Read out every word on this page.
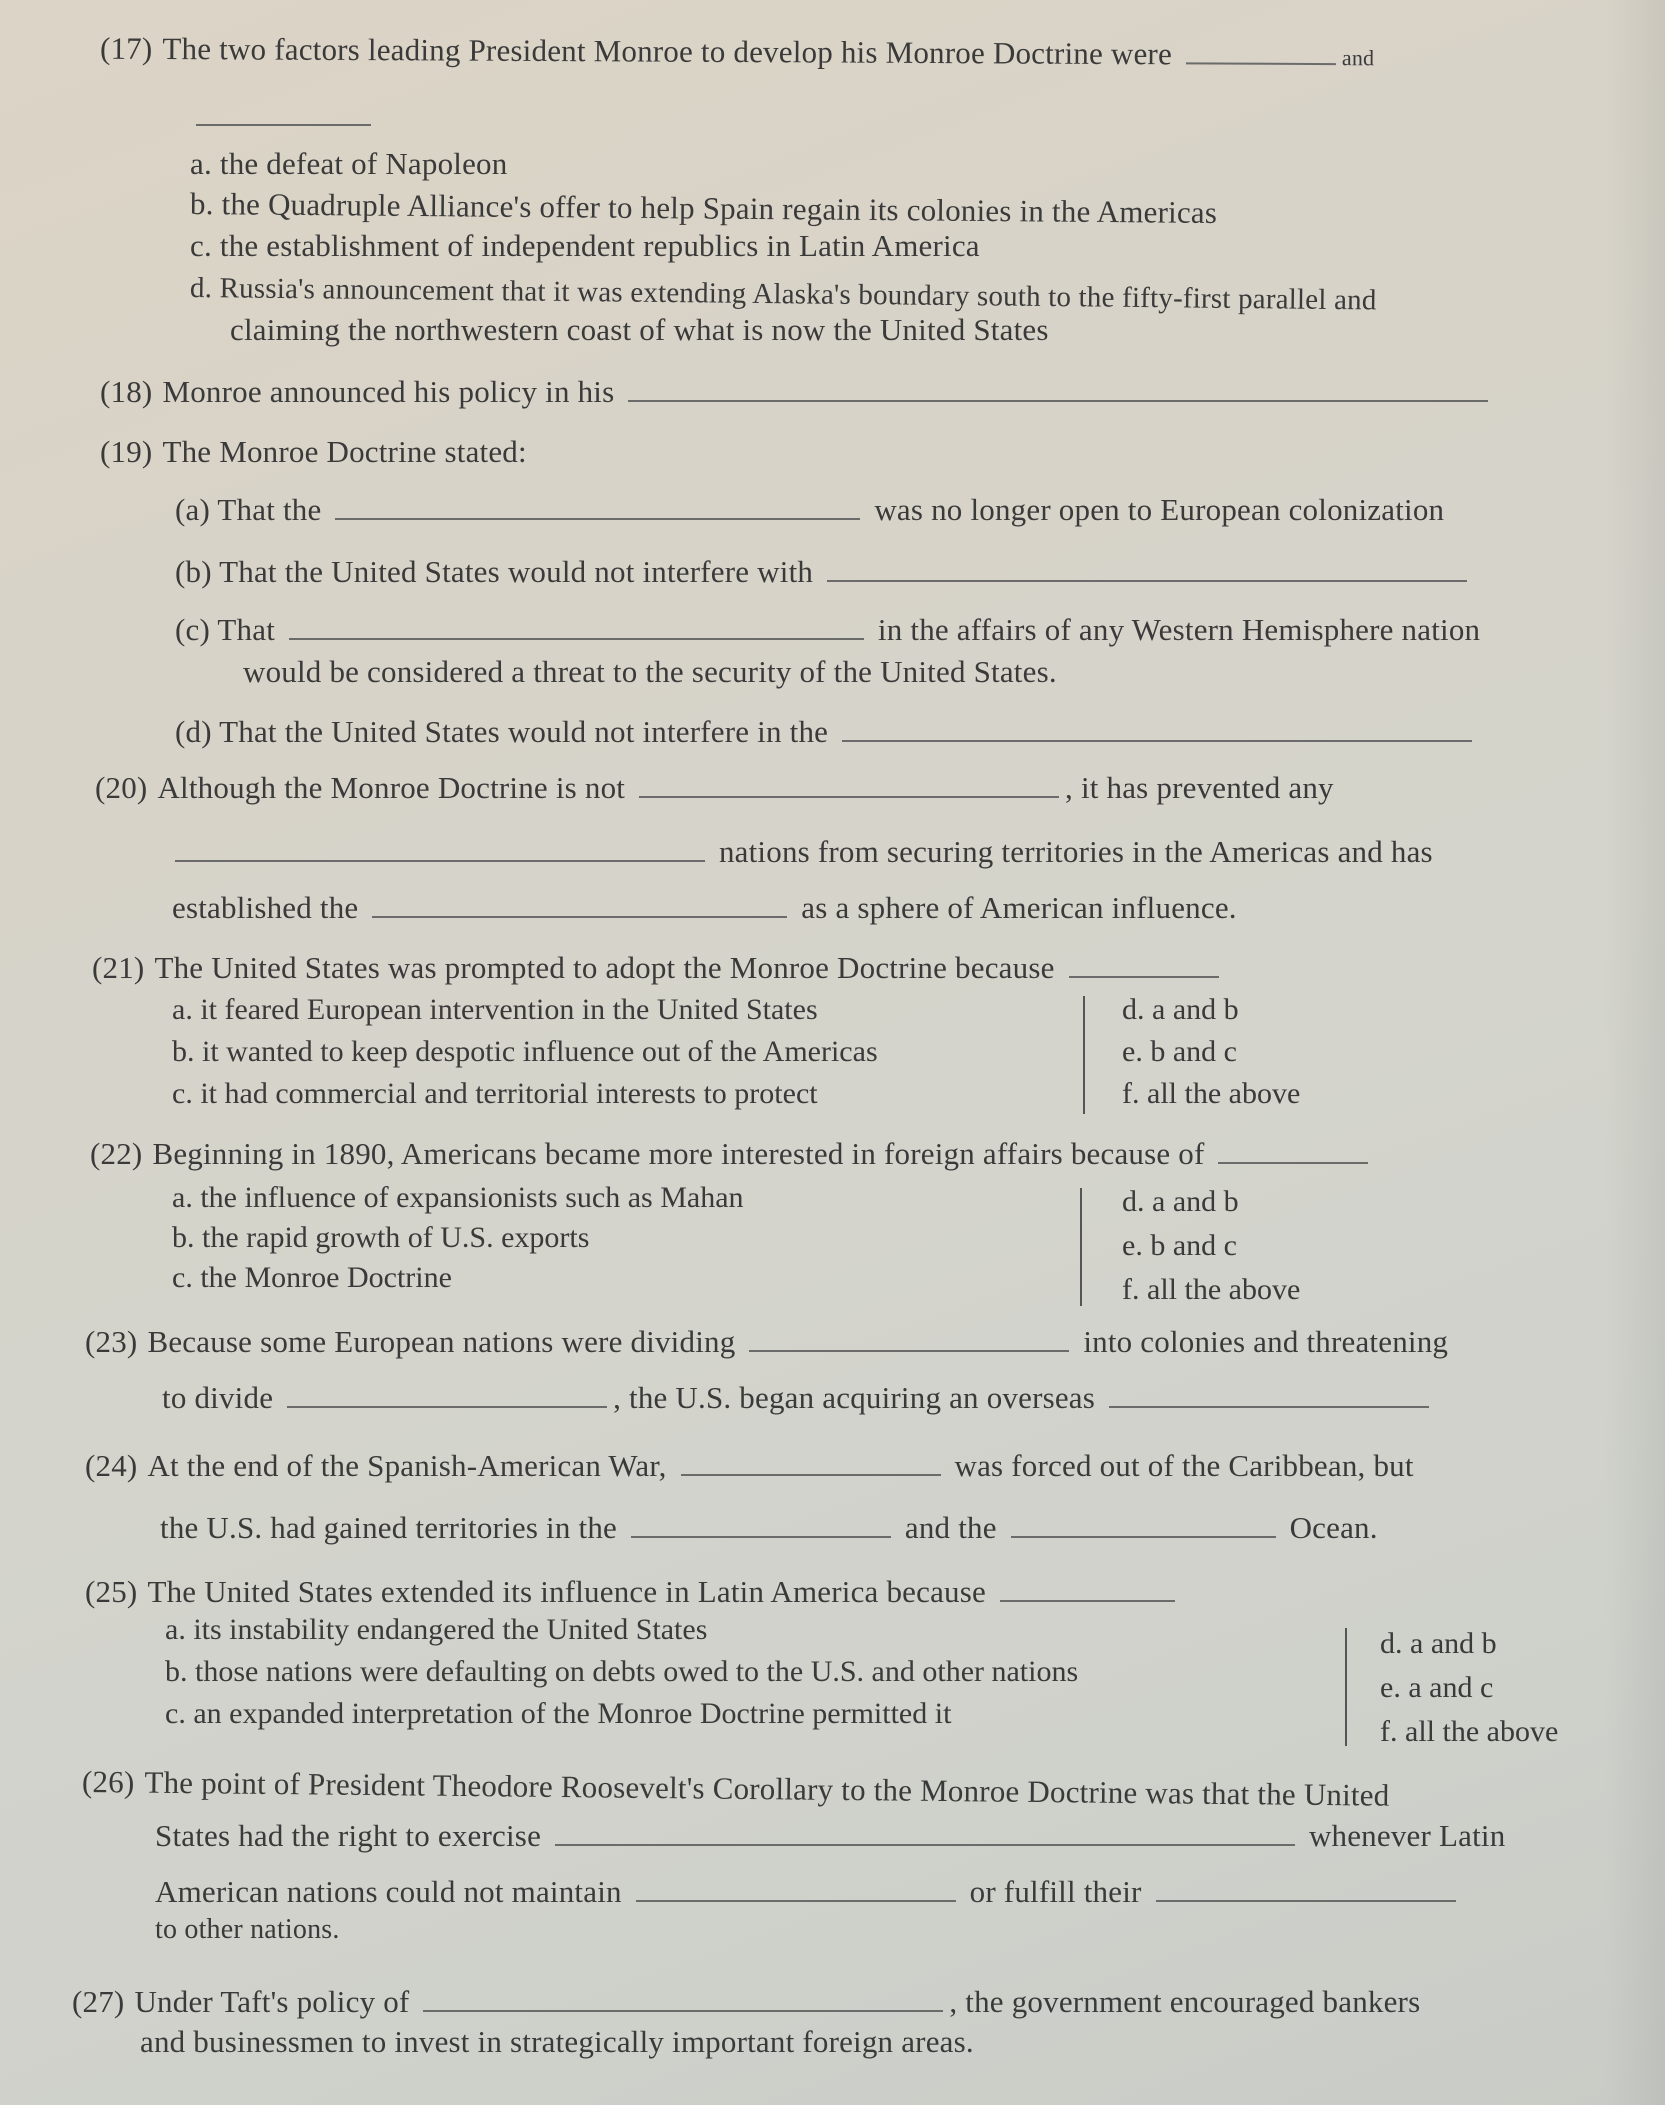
(17) The two factors leading President Monroe to develop his Monroe Doctrine were	and
a. the defeat of Napoleon
b. the Quadruple Alliance's offer to help Spain regain its colonies in the Americas
c. the establishment of independent republics in Latin America
d. Russia's announcement that it was extending Alaska's boundary south to the fifty-first parallel and
claiming the northwestern coast of what is now the United States
(18) Monroe announced his policy in his
(19) The Monroe Doctrine stated:
(a) That the	was no longer open to European colonization
(b) That the United States would not interfere with
(c) That	in the affairs of any Western Hemisphere nation
would be considered a threat to the security of the United States.
(d) That the United States would not interfere in the
(20) Although the Monroe Doctrine is not	, it has prevented any
nations from securing territories in the Americas and has
established the	as a sphere of American influence.
(21) The United States was prompted to adopt the Monroe Doctrine because
a. it feared European intervention in the United States
b. it wanted to keep despotic influence out of the Americas
c. it had commercial and territorial interests to protect
d. a and b
e. b and c
f. all the above
(22) Beginning in 1890, Americans became more interested in foreign affairs because of
a. the influence of expansionists such as Mahan
b. the rapid growth of U.S. exports
c. the Monroe Doctrine
d. a and b
e. b and c
f. all the above
(23) Because some European nations were dividing	into colonies and threatening
to divide	, the U.S. began acquiring an overseas
(24) At the end of the Spanish-American War,	was forced out of the Caribbean, but
the U.S. had gained territories in the	and the	Ocean.
(25) The United States extended its influence in Latin America because
a. its instability endangered the United States
b. those nations were defaulting on debts owed to the U.S. and other nations
c. an expanded interpretation of the Monroe Doctrine permitted it
d. a and b
e. a and c
f. all the above
(26) The point of President Theodore Roosevelt's Corollary to the Monroe Doctrine was that the United
States had the right to exercise	whenever Latin
American nations could not maintain	or fulfill their
to other nations.
(27) Under Taft's policy of	, the government encouraged bankers
and businessmen to invest in strategically important foreign areas.
